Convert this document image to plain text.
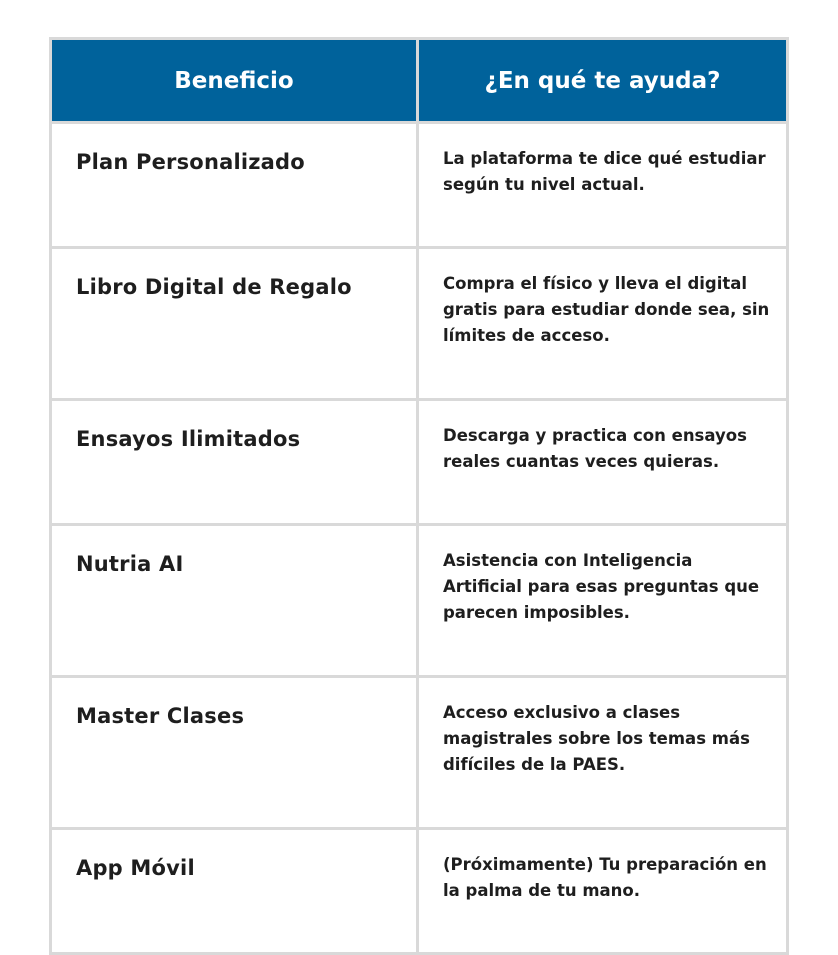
Beneficio	¿En qué te ayuda?
Plan Personalizado	La plataforma te dice qué estudiar según tu nivel actual.
Libro Digital de Regalo	Compra el físico y lleva el digital gratis para estudiar donde sea, sin límites de acceso.
Ensayos Ilimitados	Descarga y practica con ensayos reales cuantas veces quieras.
Nutria AI	Asistencia con Inteligencia Artificial para esas preguntas que parecen imposibles.
Master Clases	Acceso exclusivo a clases magistrales sobre los temas más difíciles de la PAES.
App Móvil	(Próximamente) Tu preparación en la palma de tu mano.
